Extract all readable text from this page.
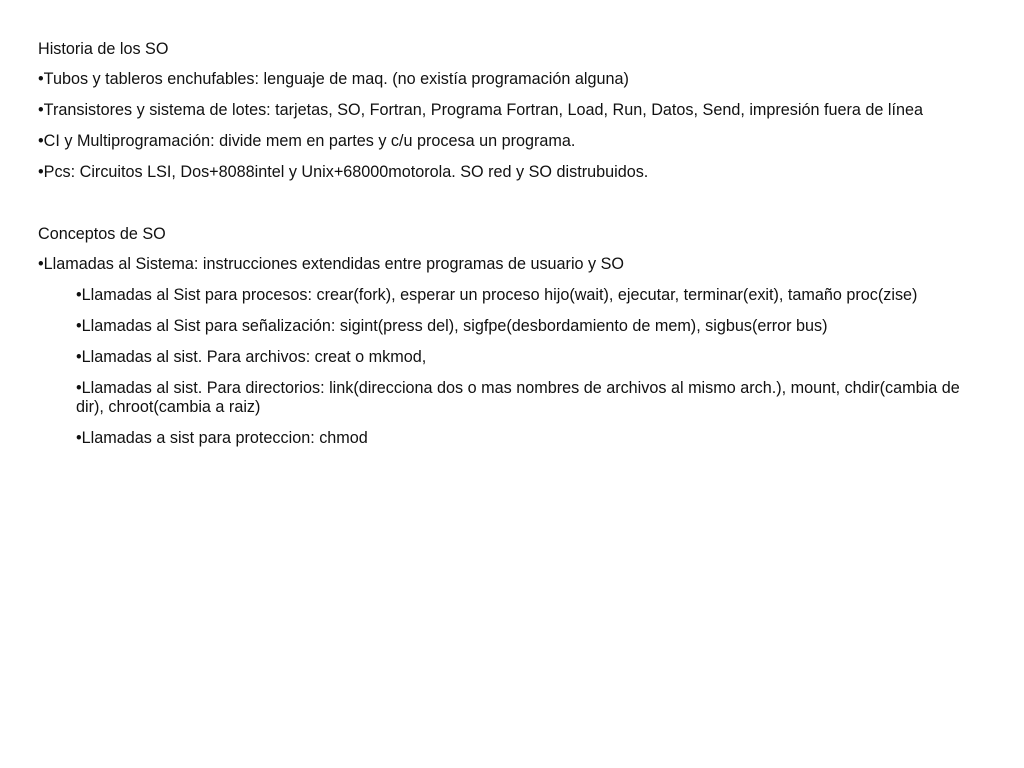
Historia de los SO
•Tubos y tableros enchufables: lenguaje de maq. (no existía programación alguna)
•Transistores y sistema de lotes: tarjetas, SO, Fortran, Programa Fortran, Load, Run, Datos, Send, impresión fuera de línea
•CI y Multiprogramación: divide mem en partes y c/u procesa un programa.
•Pcs: Circuitos LSI, Dos+8088intel y Unix+68000motorola. SO red y SO distrubuidos.
Conceptos de SO
•Llamadas al Sistema: instrucciones extendidas entre programas de usuario y SO
•Llamadas al Sist para procesos: crear(fork), esperar un proceso hijo(wait), ejecutar, terminar(exit), tamaño proc(zise)
•Llamadas al Sist para señalización: sigint(press del), sigfpe(desbordamiento de mem), sigbus(error bus)
•Llamadas al sist. Para archivos: creat o mkmod,
•Llamadas al sist. Para directorios: link(direcciona dos o mas nombres de archivos al mismo arch.), mount, chdir(cambia de dir), chroot(cambia a raiz)
•Llamadas a sist para proteccion: chmod
